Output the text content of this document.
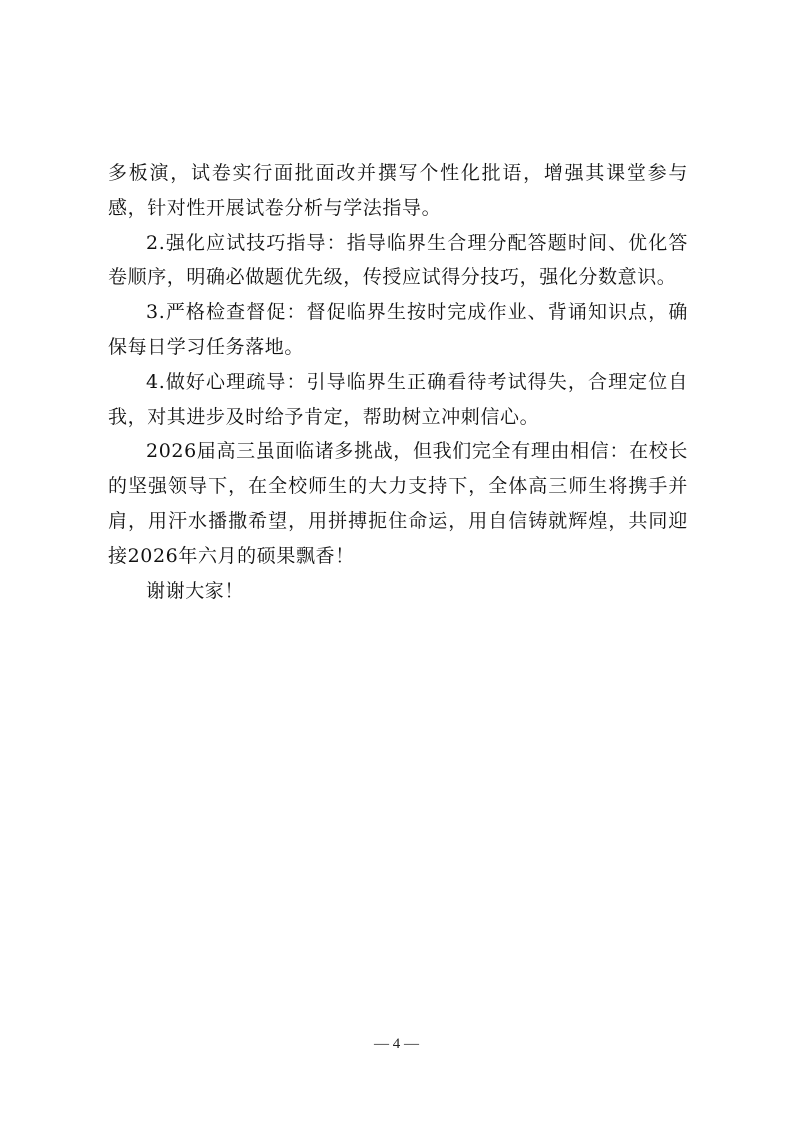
多板演，试卷实行面批面改并撰写个性化批语，增强其课堂参与感，针对性开展试卷分析与学法指导。

2.强化应试技巧指导：指导临界生合理分配答题时间、优化答卷顺序，明确必做题优先级，传授应试得分技巧，强化分数意识。

3.严格检查督促：督促临界生按时完成作业、背诵知识点，确保每日学习任务落地。

4.做好心理疏导：引导临界生正确看待考试得失，合理定位自我，对其进步及时给予肯定，帮助树立冲刺信心。

2026届高三虽面临诸多挑战，但我们完全有理由相信：在校长的坚强领导下，在全校师生的大力支持下，全体高三师生将携手并肩，用汗水播撒希望，用拼搏扼住命运，用自信铸就辉煌，共同迎接2026年六月的硕果飘香！

谢谢大家！

— 4 —
